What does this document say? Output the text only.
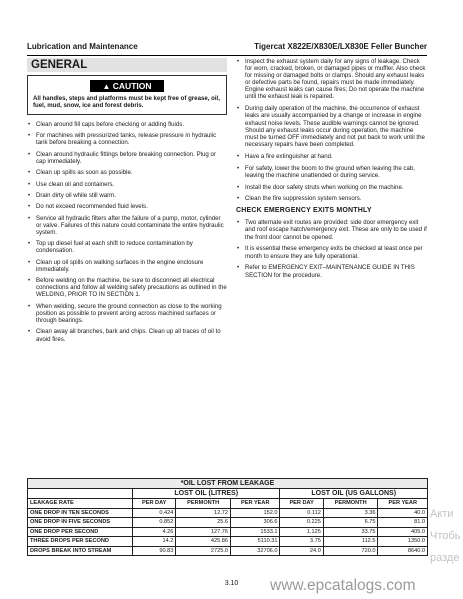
Lubrication and Maintenance	Tigercat X822E/X830E/LX830E Feller Buncher
GENERAL
▲ CAUTION
All handles, steps and platforms must be kept free of grease, oil, fuel, mud, snow, ice and forest debris.
• Clean around fill caps before checking or adding fluids.
• For machines with pressurized tanks, release pressure in hydraulic tank before breaking a connection.
• Clean around hydraulic fittings before breaking connection. Plug or cap immediately.
• Clean up spills as soon as possible.
• Use clean oil and containers.
• Drain dirty oil while still warm.
• Do not exceed recommended fluid levels.
• Service all hydraulic filters after the failure of a pump, motor, cylinder or valve. Failures of this nature could contaminate the entire hydraulic system.
• Top up diesel fuel at each shift to reduce contamination by condensation.
• Clean up oil spills on walking surfaces in the engine enclosure immediately.
• Before welding on the machine, be sure to disconnect all electrical connections and follow all welding safety precautions as outlined in the WELDING, PRIOR TO IN SECTION 1.
• When welding, secure the ground connection as close to the working position as possible to prevent arcing across machined surfaces or through bearings.
• Clean away all branches, bark and chips. Clean up all traces of oil to avoid fires.
• Inspect the exhaust system daily for any signs of leakage. Check for worn, cracked, broken, or damaged pipes or muffler. Also check for missing or damaged bolts or clamps. Should any exhaust leaks or defective parts be found, repairs must be made immediately. Engine exhaust leaks can cause fires; Do not operate the machine until the exhaust leak is repaired.
• During daily operation of the machine, the occurrence of exhaust leaks are usually accompanied by a change or increase in engine exhaust noise levels. These audible warnings cannot be ignored. Should any exhaust leaks occur during operation, the machine must be turned OFF immediately and not put back to work until the necessary repairs have been completed.
• Have a fire extinguisher at hand.
• For safety, lower the boom to the ground when leaving the cab, leaving the machine unattended or during service.
• Install the door safety struts when working on the machine.
• Clean the fire suppression system sensors.
CHECK EMERGENCY EXITS MONTHLY
• Two alternate exit routes are provided: side door emergency exit and roof escape hatch/emergency exit. These are only to be used if the front door cannot be opened.
• It is essential these emergency exits be checked at least once per month to ensure they are fully operational.
• Refer to EMERGENCY EXIT–MAINTENANCE GUIDE IN THIS SECTION for the procedure.
*OIL LOST FROM LEAKAGE						
	LOST OIL (LITRES)			LOST OIL (US GALLONS)		
LEAKAGE RATE	PER DAY	PERMONTH	PER YEAR	PER DAY	PERMONTH	PER YEAR
ONE DROP IN TEN SECONDS	0.424	12.72	152.0	0.112	3.36	40.0
ONE DROP IN FIVE SECONDS	0.852	25.6	306.6	0.225	6.75	81.0
ONE DROP PER SECOND	4.26	127.76	1533.1	1.125	33.75	405.0
THREE DROPS PER SECOND	14.2	425.86	5110.31	3.75	112.5	1350.0
DROPS BREAK INTO STREAM	90.83	2725.0	32706.0	24.0	720.0	8640.0
3.10	www.epcatalogs.com
Акти
Чтобь
разде
